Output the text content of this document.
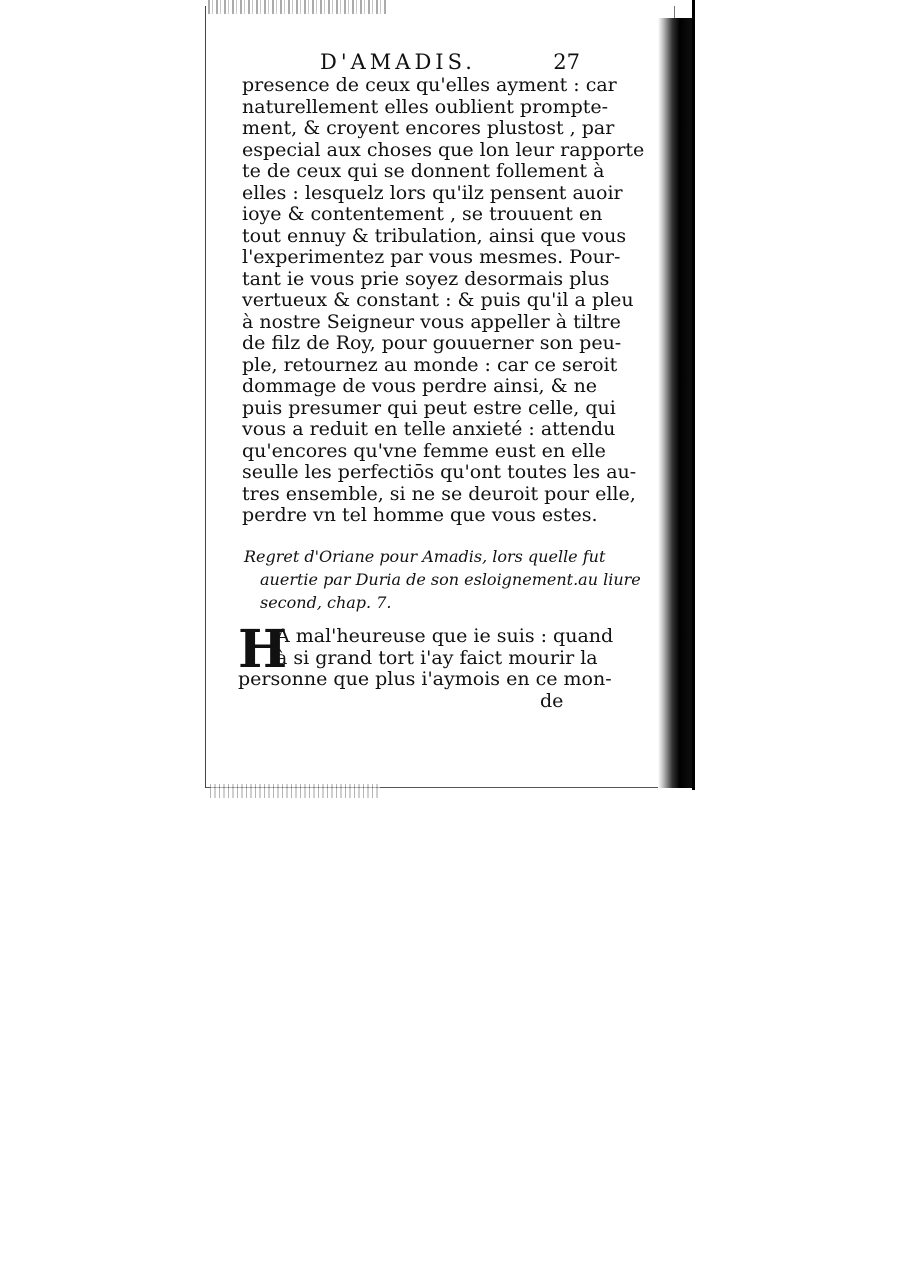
D'AMADIS.	27
presence de ceux qu'elles ayment : car
naturellement elles oublient prompte-
ment, & croyent encores plustost , par
especial aux choses que lon leur rapporte
te de ceux qui se donnent follement à
elles : lesquelz lors qu'ilz pensent auoir
ioye & contentement , se trouuent en
tout ennuy & tribulation, ainsi que vous
l'experimentez par vous mesmes. Pour-
tant ie vous prie soyez desormais plus
vertueux & constant : & puis qu'il a pleu
à nostre Seigneur vous appeller à tiltre
de filz de Roy, pour gouuerner son peu-
ple, retournez au monde : car ce seroit
dommage de vous perdre ainsi, & ne
puis presumer qui peut estre celle, qui
vous a reduit en telle anxieté : attendu
qu'encores qu'vne femme eust en elle
seulle les perfectiōs qu'ont toutes les au-
tres ensemble, si ne se deuroit pour elle,
perdre vn tel homme que vous estes.
Regret d'Oriane pour Amadis, lors quelle fut
auertie par Duria de son esloignement.au liure
second, chap. 7.
H
A mal'heureuse que ie suis : quand
à si grand tort i'ay faict mourir la
personne que plus i'aymois en ce mon-
de
